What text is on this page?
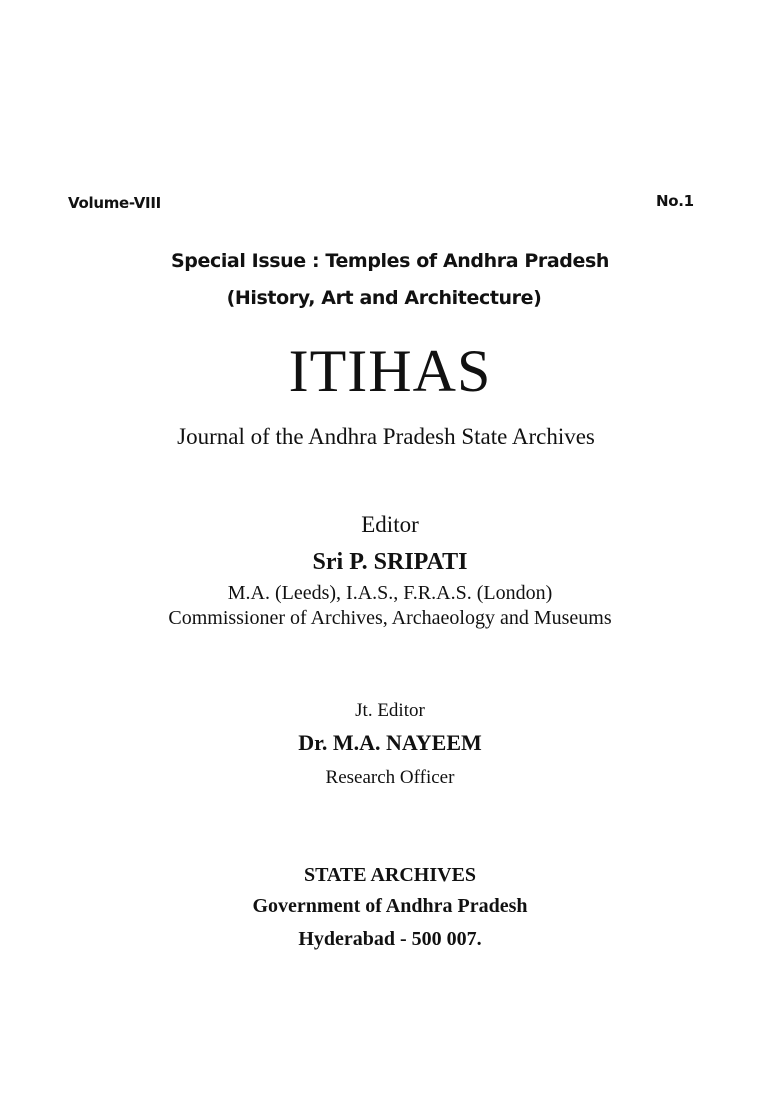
Volume-VIII	No.1
Special Issue : Temples of Andhra Pradesh
(History, Art and Architecture)
ITIHAS
Journal of the Andhra Pradesh State Archives
Editor
Sri P. SRIPATI
M.A. (Leeds), I.A.S., F.R.A.S. (London)
Commissioner of Archives, Archaeology and Museums
Jt. Editor
Dr. M.A. NAYEEM
Research Officer
STATE ARCHIVES
Government of Andhra Pradesh
Hyderabad - 500 007.
